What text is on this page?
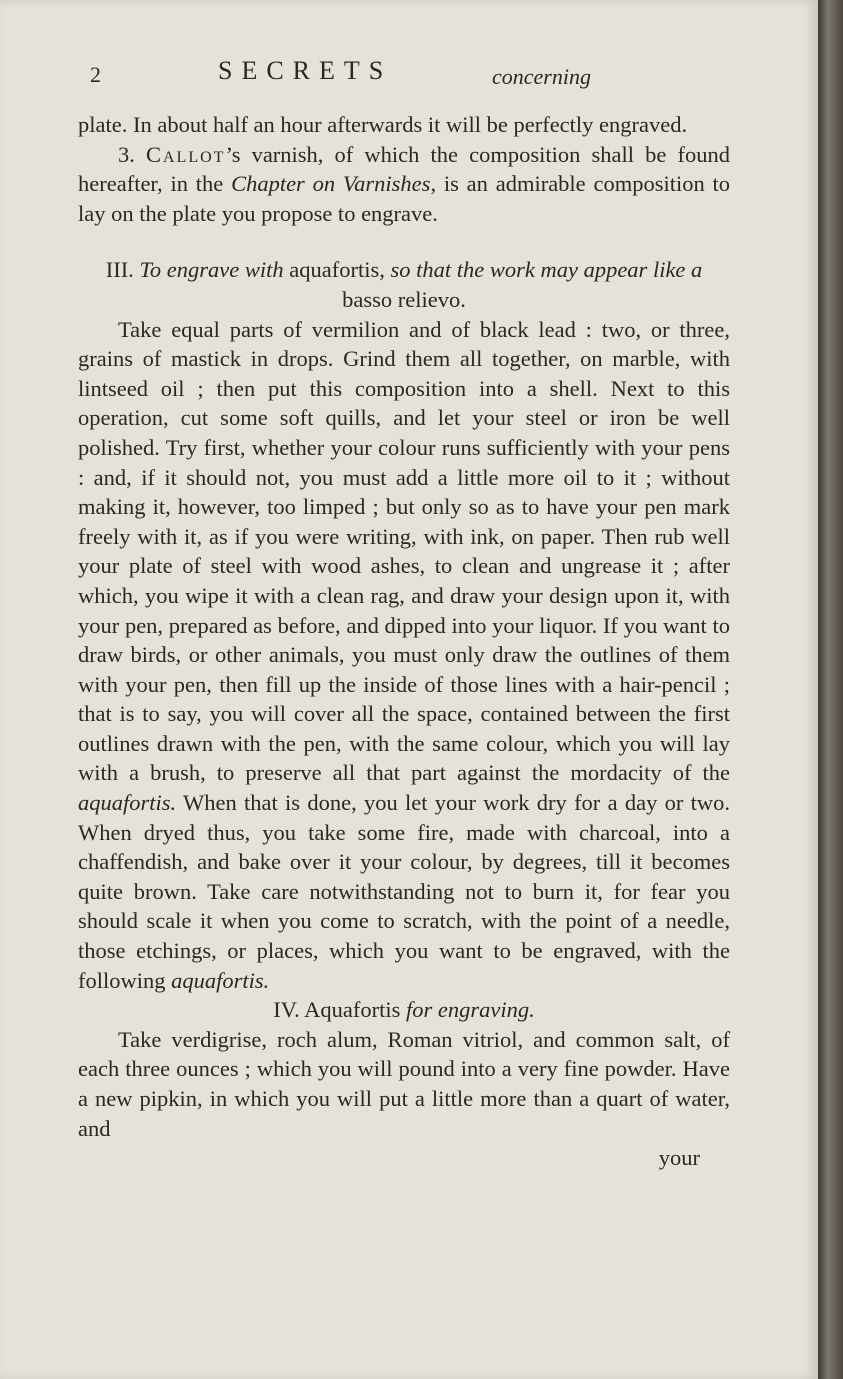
2	SECRETS	concerning

plate. In about half an hour afterwards it will be perfectly engraved.

3. Callot’s varnish, of which the composition shall be found hereafter, in the Chapter on Varnishes, is an admirable composition to lay on the plate you propose to engrave.

III. To engrave with aquafortis, so that the work may appear like a basso relievo.

Take equal parts of vermilion and of black lead : two, or three, grains of mastick in drops. Grind them all together, on marble, with lintseed oil ; then put this composition into a shell. Next to this operation, cut some soft quills, and let your steel or iron be well polished. Try first, whether your colour runs sufficiently with your pens : and, if it should not, you must add a little more oil to it ; without making it, however, too limped ; but only so as to have your pen mark freely with it, as if you were writing, with ink, on paper. Then rub well your plate of steel with wood ashes, to clean and ungrease it ; after which, you wipe it with a clean rag, and draw your design upon it, with your pen, prepared as before, and dipped into your liquor. If you want to draw birds, or other animals, you must only draw the outlines of them with your pen, then fill up the inside of those lines with a hair-pencil ; that is to say, you will cover all the space, contained between the first outlines drawn with the pen, with the same colour, which you will lay with a brush, to preserve all that part against the mordacity of the aquafortis. When that is done, you let your work dry for a day or two. When dryed thus, you take some fire, made with charcoal, into a chaffendish, and bake over it your colour, by degrees, till it becomes quite brown. Take care notwithstanding not to burn it, for fear you should scale it when you come to scratch, with the point of a needle, those etchings, or places, which you want to be engraved, with the following aquafortis.

IV. Aquafortis for engraving.

Take verdigrise, roch alum, Roman vitriol, and common salt, of each three ounces ; which you will pound into a very fine powder. Have a new pipkin, in which you will put a little more than a quart of water, and

your
